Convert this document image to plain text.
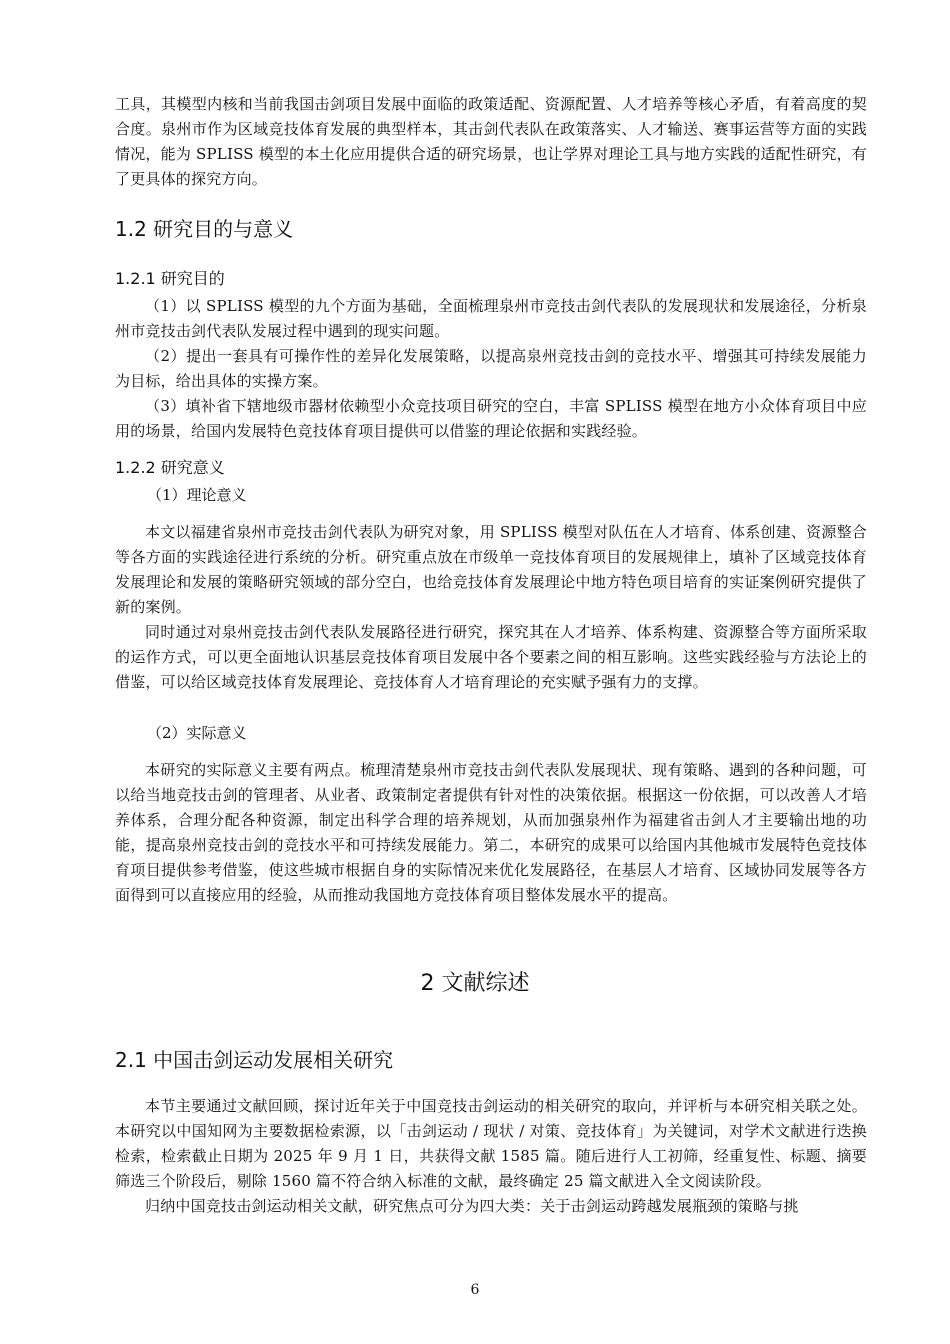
工具，其模型内核和当前我国击剑项目发展中面临的政策适配、资源配置、人才培养等核心矛盾，有着高度的契合度。泉州市作为区域竞技体育发展的典型样本，其击剑代表队在政策落实、人才输送、赛事运营等方面的实践情况，能为 SPLISS 模型的本土化应用提供合适的研究场景，也让学界对理论工具与地方实践的适配性研究，有了更具体的探究方向。

1.2 研究目的与意义
1.2.1 研究目的

（1）以 SPLISS 模型的九个方面为基础，全面梳理泉州市竞技击剑代表队的发展现状和发展途径，分析泉州市竞技击剑代表队发展过程中遇到的现实问题。

（2）提出一套具有可操作性的差异化发展策略，以提高泉州竞技击剑的竞技水平、增强其可持续发展能力为目标，给出具体的实操方案。

（3）填补省下辖地级市器材依赖型小众竞技项目研究的空白，丰富 SPLISS 模型在地方小众体育项目中应用的场景，给国内发展特色竞技体育项目提供可以借鉴的理论依据和实践经验。

1.2.2 研究意义
（1）理论意义

本文以福建省泉州市竞技击剑代表队为研究对象，用 SPLISS 模型对队伍在人才培育、体系创建、资源整合等各方面的实践途径进行系统的分析。研究重点放在市级单一竞技体育项目的发展规律上，填补了区域竞技体育发展理论和发展的策略研究领域的部分空白，也给竞技体育发展理论中地方特色项目培育的实证案例研究提供了新的案例。

同时通过对泉州竞技击剑代表队发展路径进行研究，探究其在人才培养、体系构建、资源整合等方面所采取的运作方式，可以更全面地认识基层竞技体育项目发展中各个要素之间的相互影响。这些实践经验与方法论上的借鉴，可以给区域竞技体育发展理论、竞技体育人才培育理论的充实赋予强有力的支撑。

（2）实际意义

本研究的实际意义主要有两点。梳理清楚泉州市竞技击剑代表队发展现状、现有策略、遇到的各种问题，可以给当地竞技击剑的管理者、从业者、政策制定者提供有针对性的决策依据。根据这一份依据，可以改善人才培养体系，合理分配各种资源，制定出科学合理的培养规划，从而加强泉州作为福建省击剑人才主要输出地的功能，提高泉州竞技击剑的竞技水平和可持续发展能力。第二，本研究的成果可以给国内其他城市发展特色竞技体育项目提供参考借鉴，使这些城市根据自身的实际情况来优化发展路径，在基层人才培育、区域协同发展等各方面得到可以直接应用的经验，从而推动我国地方竞技体育项目整体发展水平的提高。

2 文献综述
2.1 中国击剑运动发展相关研究

本节主要通过文献回顾，探讨近年关于中国竞技击剑运动的相关研究的取向，并评析与本研究相关联之处。本研究以中国知网为主要数据检索源，以「击剑运动 / 现状 / 对策、竞技体育」为关键词，对学术文献进行迭换检索，检索截止日期为 2025 年 9 月 1 日，共获得文献 1585 篇。随后进行人工初筛，经重复性、标题、摘要筛选三个阶段后，剔除 1560 篇不符合纳入标准的文献，最终确定 25 篇文献进入全文阅读阶段。

归纳中国竞技击剑运动相关文献，研究焦点可分为四大类：关于击剑运动跨越发展瓶颈的策略与挑

6
